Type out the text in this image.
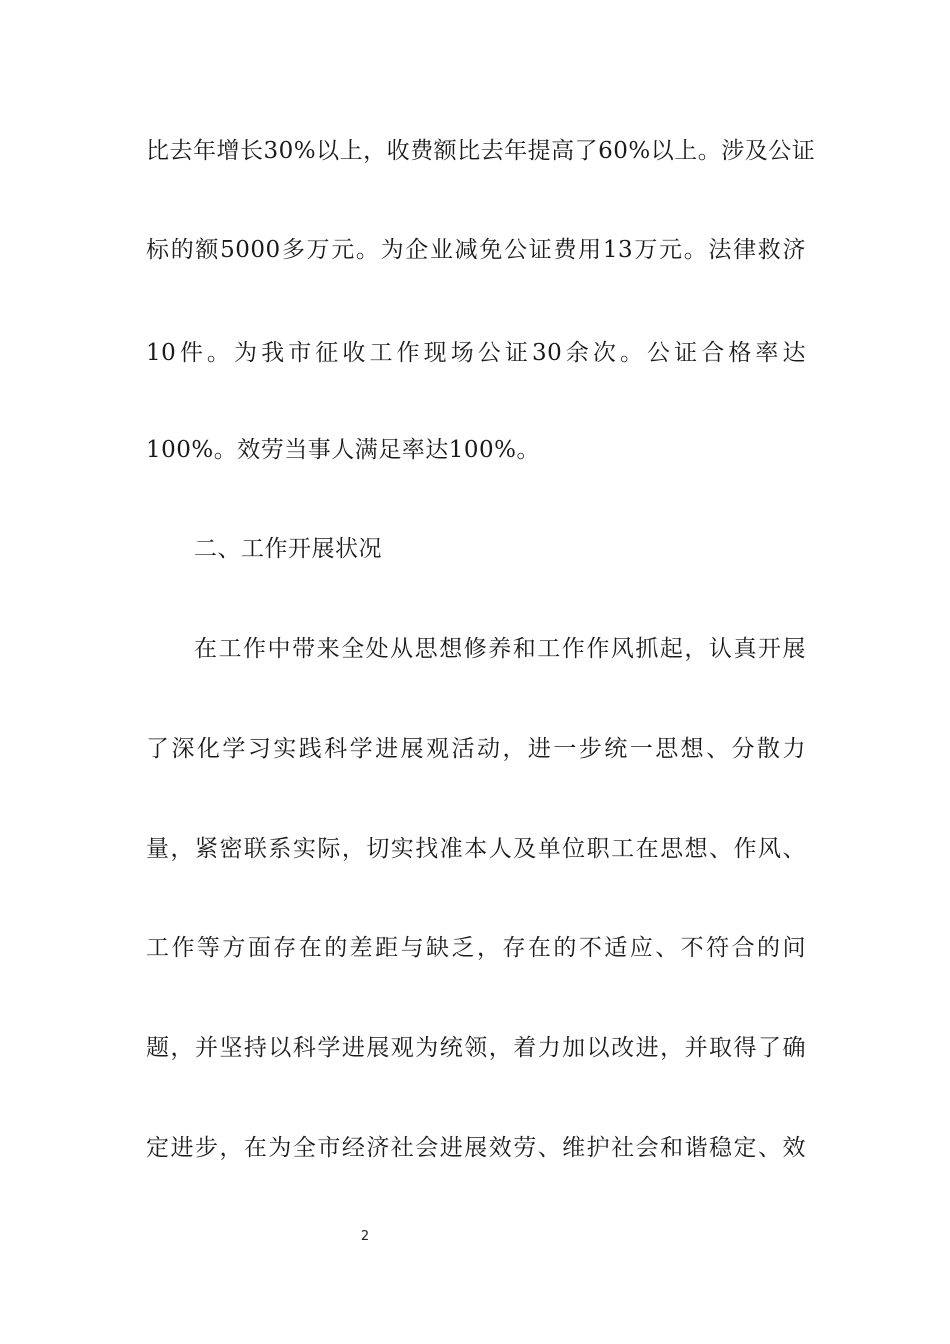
比去年增长30%以上，收费额比去年提高了60%以上。涉及公证
标的额5000多万元。为企业减免公证费用13万元。法律救济
10件。为我市征收工作现场公证30余次。公证合格率达
100%。效劳当事人满足率达100%。
二、工作开展状况
在工作中带来全处从思想修养和工作作风抓起，认真开展
了深化学习实践科学进展观活动，进一步统一思想、分散力
量，紧密联系实际，切实找准本人及单位职工在思想、作风、
工作等方面存在的差距与缺乏，存在的不适应、不符合的问
题，并坚持以科学进展观为统领，着力加以改进，并取得了确
定进步，在为全市经济社会进展效劳、维护社会和谐稳定、效
2
